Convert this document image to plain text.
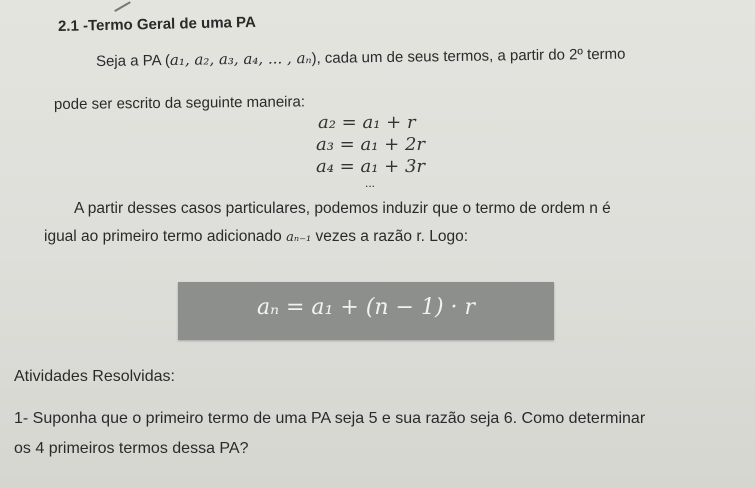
2.1 -Termo Geral de uma PA
Seja a PA (a₁, a₂, a₃, a₄, ... , aₙ), cada um de seus termos, a partir do 2º termo
pode ser escrito da seguinte maneira:
a₂ = a₁ + r
a₃ = a₁ + 2r
a₄ = a₁ + 3r
...
A partir desses casos particulares, podemos induzir que o termo de ordem n é
igual ao primeiro termo adicionado aₙ₋₁ vezes a razão r. Logo:
aₙ = a₁ + (n − 1) · r
Atividades Resolvidas:
1- Suponha que o primeiro termo de uma PA seja 5 e sua razão seja 6. Como determinar
os 4 primeiros termos dessa PA?
